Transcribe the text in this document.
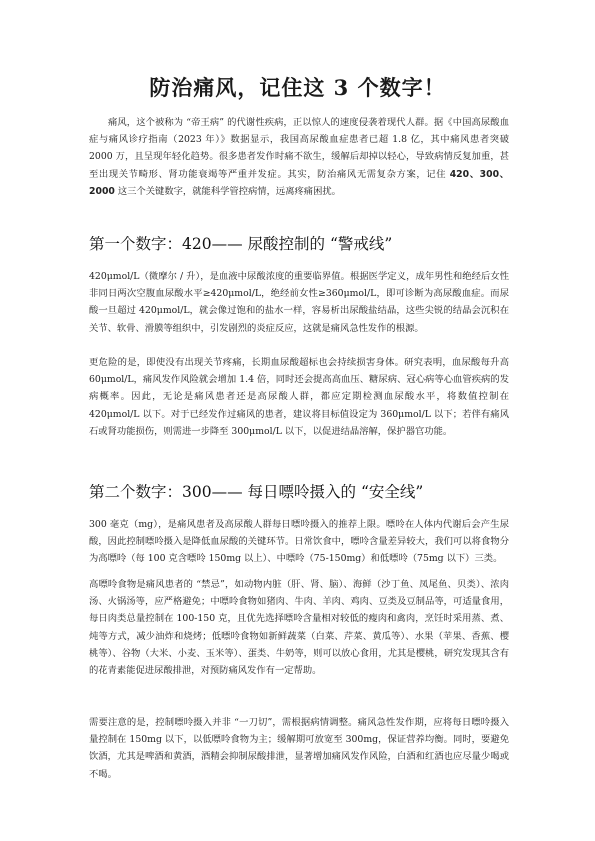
防治痛风，记住这 3 个数字！

痛风，这个被称为 “帝王病” 的代谢性疾病，正以惊人的速度侵袭着现代人群。据《中国高尿酸血症与痛风诊疗指南（2023 年）》数据显示，我国高尿酸血症患者已超 1.8 亿，其中痛风患者突破 2000 万，且呈现年轻化趋势。很多患者发作时痛不欲生，缓解后却掉以轻心，导致病情反复加重，甚至出现关节畸形、肾功能衰竭等严重并发症。其实，防治痛风无需复杂方案，记住 420、300、2000 这三个关键数字，就能科学管控病情，远离疼痛困扰。

第一个数字：420—— 尿酸控制的 “警戒线”

420μmol/L（微摩尔 / 升），是血液中尿酸浓度的重要临界值。根据医学定义，成年男性和绝经后女性非同日两次空腹血尿酸水平≥420μmol/L，绝经前女性≥360μmol/L，即可诊断为高尿酸血症。而尿酸一旦超过 420μmol/L，就会像过饱和的盐水一样，容易析出尿酸盐结晶，这些尖锐的结晶会沉积在关节、软骨、滑膜等组织中，引发剧烈的炎症反应，这就是痛风急性发作的根源。

更危险的是，即使没有出现关节疼痛，长期血尿酸超标也会持续损害身体。研究表明，血尿酸每升高 60μmol/L，痛风发作风险就会增加 1.4 倍，同时还会提高高血压、糖尿病、冠心病等心血管疾病的发病概率。因此，无论是痛风患者还是高尿酸人群，都应定期检测血尿酸水平，将数值控制在 420μmol/L 以下。对于已经发作过痛风的患者，建议将目标值设定为 360μmol/L 以下；若伴有痛风石或肾功能损伤，则需进一步降至 300μmol/L 以下，以促进结晶溶解，保护器官功能。

第二个数字：300—— 每日嘌呤摄入的 “安全线”

300 毫克（mg），是痛风患者及高尿酸人群每日嘌呤摄入的推荐上限。嘌呤在人体内代谢后会产生尿酸，因此控制嘌呤摄入是降低血尿酸的关键环节。日常饮食中，嘌呤含量差异较大，我们可以将食物分为高嘌呤（每 100 克含嘌呤 150mg 以上）、中嘌呤（75-150mg）和低嘌呤（75mg 以下）三类。

高嘌呤食物是痛风患者的 “禁忌”，如动物内脏（肝、肾、脑）、海鲜（沙丁鱼、凤尾鱼、贝类）、浓肉汤、火锅汤等，应严格避免；中嘌呤食物如猪肉、牛肉、羊肉、鸡肉、豆类及豆制品等，可适量食用，每日肉类总量控制在 100-150 克，且优先选择嘌呤含量相对较低的瘦肉和禽肉，烹饪时采用蒸、煮、炖等方式，减少油炸和烧烤；低嘌呤食物如新鲜蔬菜（白菜、芹菜、黄瓜等）、水果（苹果、香蕉、樱桃等）、谷物（大米、小麦、玉米等）、蛋类、牛奶等，则可以放心食用，尤其是樱桃，研究发现其含有的花青素能促进尿酸排泄，对预防痛风发作有一定帮助。

需要注意的是，控制嘌呤摄入并非 “一刀切”，需根据病情调整。痛风急性发作期，应将每日嘌呤摄入量控制在 150mg 以下，以低嘌呤食物为主；缓解期可放宽至 300mg，保证营养均衡。同时，要避免饮酒，尤其是啤酒和黄酒，酒精会抑制尿酸排泄，显著增加痛风发作风险，白酒和红酒也应尽量少喝或不喝。
